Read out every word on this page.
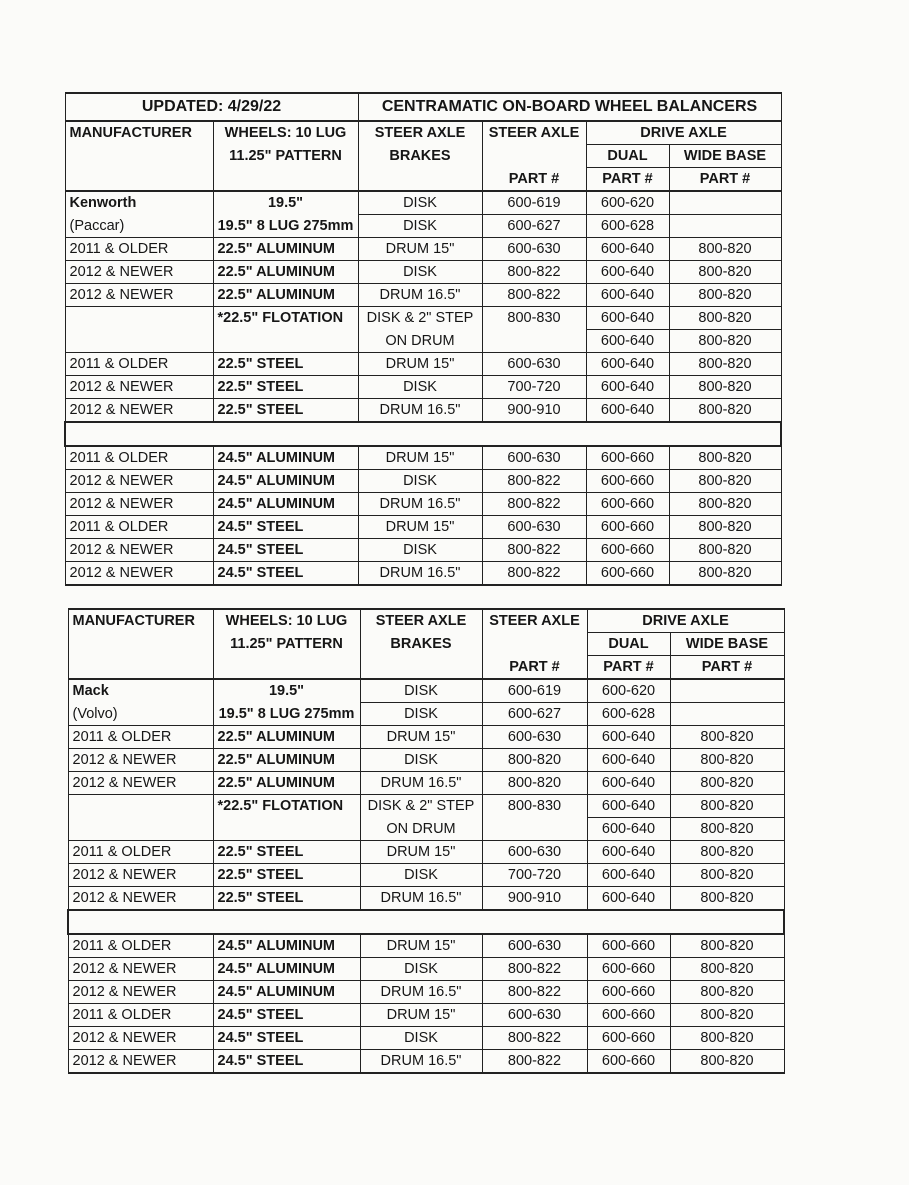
UPDATED: 4/29/22		CENTRAMATIC ON-BOARD WHEEL BALANCERS			
MANUFACTURER	WHEELS: 10 LUG	STEER AXLE	STEER AXLE	DRIVE AXLE	
	11.25" PATTERN	BRAKES		DUAL	WIDE BASE
			PART #	PART #	PART #
Kenworth	19.5"	DISK	600-619	600-620	
(Paccar)	19.5" 8 LUG 275mm	DISK	600-627	600-628	
2011 & OLDER	22.5" ALUMINUM	DRUM 15"	600-630	600-640	800-820
2012 & NEWER	22.5" ALUMINUM	DISK	800-822	600-640	800-820
2012 & NEWER	22.5" ALUMINUM	DRUM 16.5"	800-822	600-640	800-820
	*22.5" FLOTATION	DISK & 2" STEP	800-830	600-640	800-820
		ON DRUM		600-640	800-820
2011 & OLDER	22.5" STEEL	DRUM 15"	600-630	600-640	800-820
2012 & NEWER	22.5" STEEL	DISK	700-720	600-640	800-820
2012 & NEWER	22.5" STEEL	DRUM 16.5"	900-910	600-640	800-820

2011 & OLDER	24.5" ALUMINUM	DRUM 15"	600-630	600-660	800-820
2012 & NEWER	24.5" ALUMINUM	DISK	800-822	600-660	800-820
2012 & NEWER	24.5" ALUMINUM	DRUM 16.5"	800-822	600-660	800-820
2011 & OLDER	24.5" STEEL	DRUM 15"	600-630	600-660	800-820
2012 & NEWER	24.5" STEEL	DISK	800-822	600-660	800-820
2012 & NEWER	24.5" STEEL	DRUM 16.5"	800-822	600-660	800-820
MANUFACTURER	WHEELS: 10 LUG	STEER AXLE	STEER AXLE	DRIVE AXLE	
	11.25" PATTERN	BRAKES		DUAL	WIDE BASE
			PART #	PART #	PART #
Mack	19.5"	DISK	600-619	600-620	
(Volvo)	19.5" 8 LUG 275mm	DISK	600-627	600-628	
2011 & OLDER	22.5" ALUMINUM	DRUM 15"	600-630	600-640	800-820
2012 & NEWER	22.5" ALUMINUM	DISK	800-820	600-640	800-820
2012 & NEWER	22.5" ALUMINUM	DRUM 16.5"	800-820	600-640	800-820
	*22.5" FLOTATION	DISK & 2" STEP	800-830	600-640	800-820
		ON DRUM		600-640	800-820
2011 & OLDER	22.5" STEEL	DRUM 15"	600-630	600-640	800-820
2012 & NEWER	22.5" STEEL	DISK	700-720	600-640	800-820
2012 & NEWER	22.5" STEEL	DRUM 16.5"	900-910	600-640	800-820

2011 & OLDER	24.5" ALUMINUM	DRUM 15"	600-630	600-660	800-820
2012 & NEWER	24.5" ALUMINUM	DISK	800-822	600-660	800-820
2012 & NEWER	24.5" ALUMINUM	DRUM 16.5"	800-822	600-660	800-820
2011 & OLDER	24.5" STEEL	DRUM 15"	600-630	600-660	800-820
2012 & NEWER	24.5" STEEL	DISK	800-822	600-660	800-820
2012 & NEWER	24.5" STEEL	DRUM 16.5"	800-822	600-660	800-820
